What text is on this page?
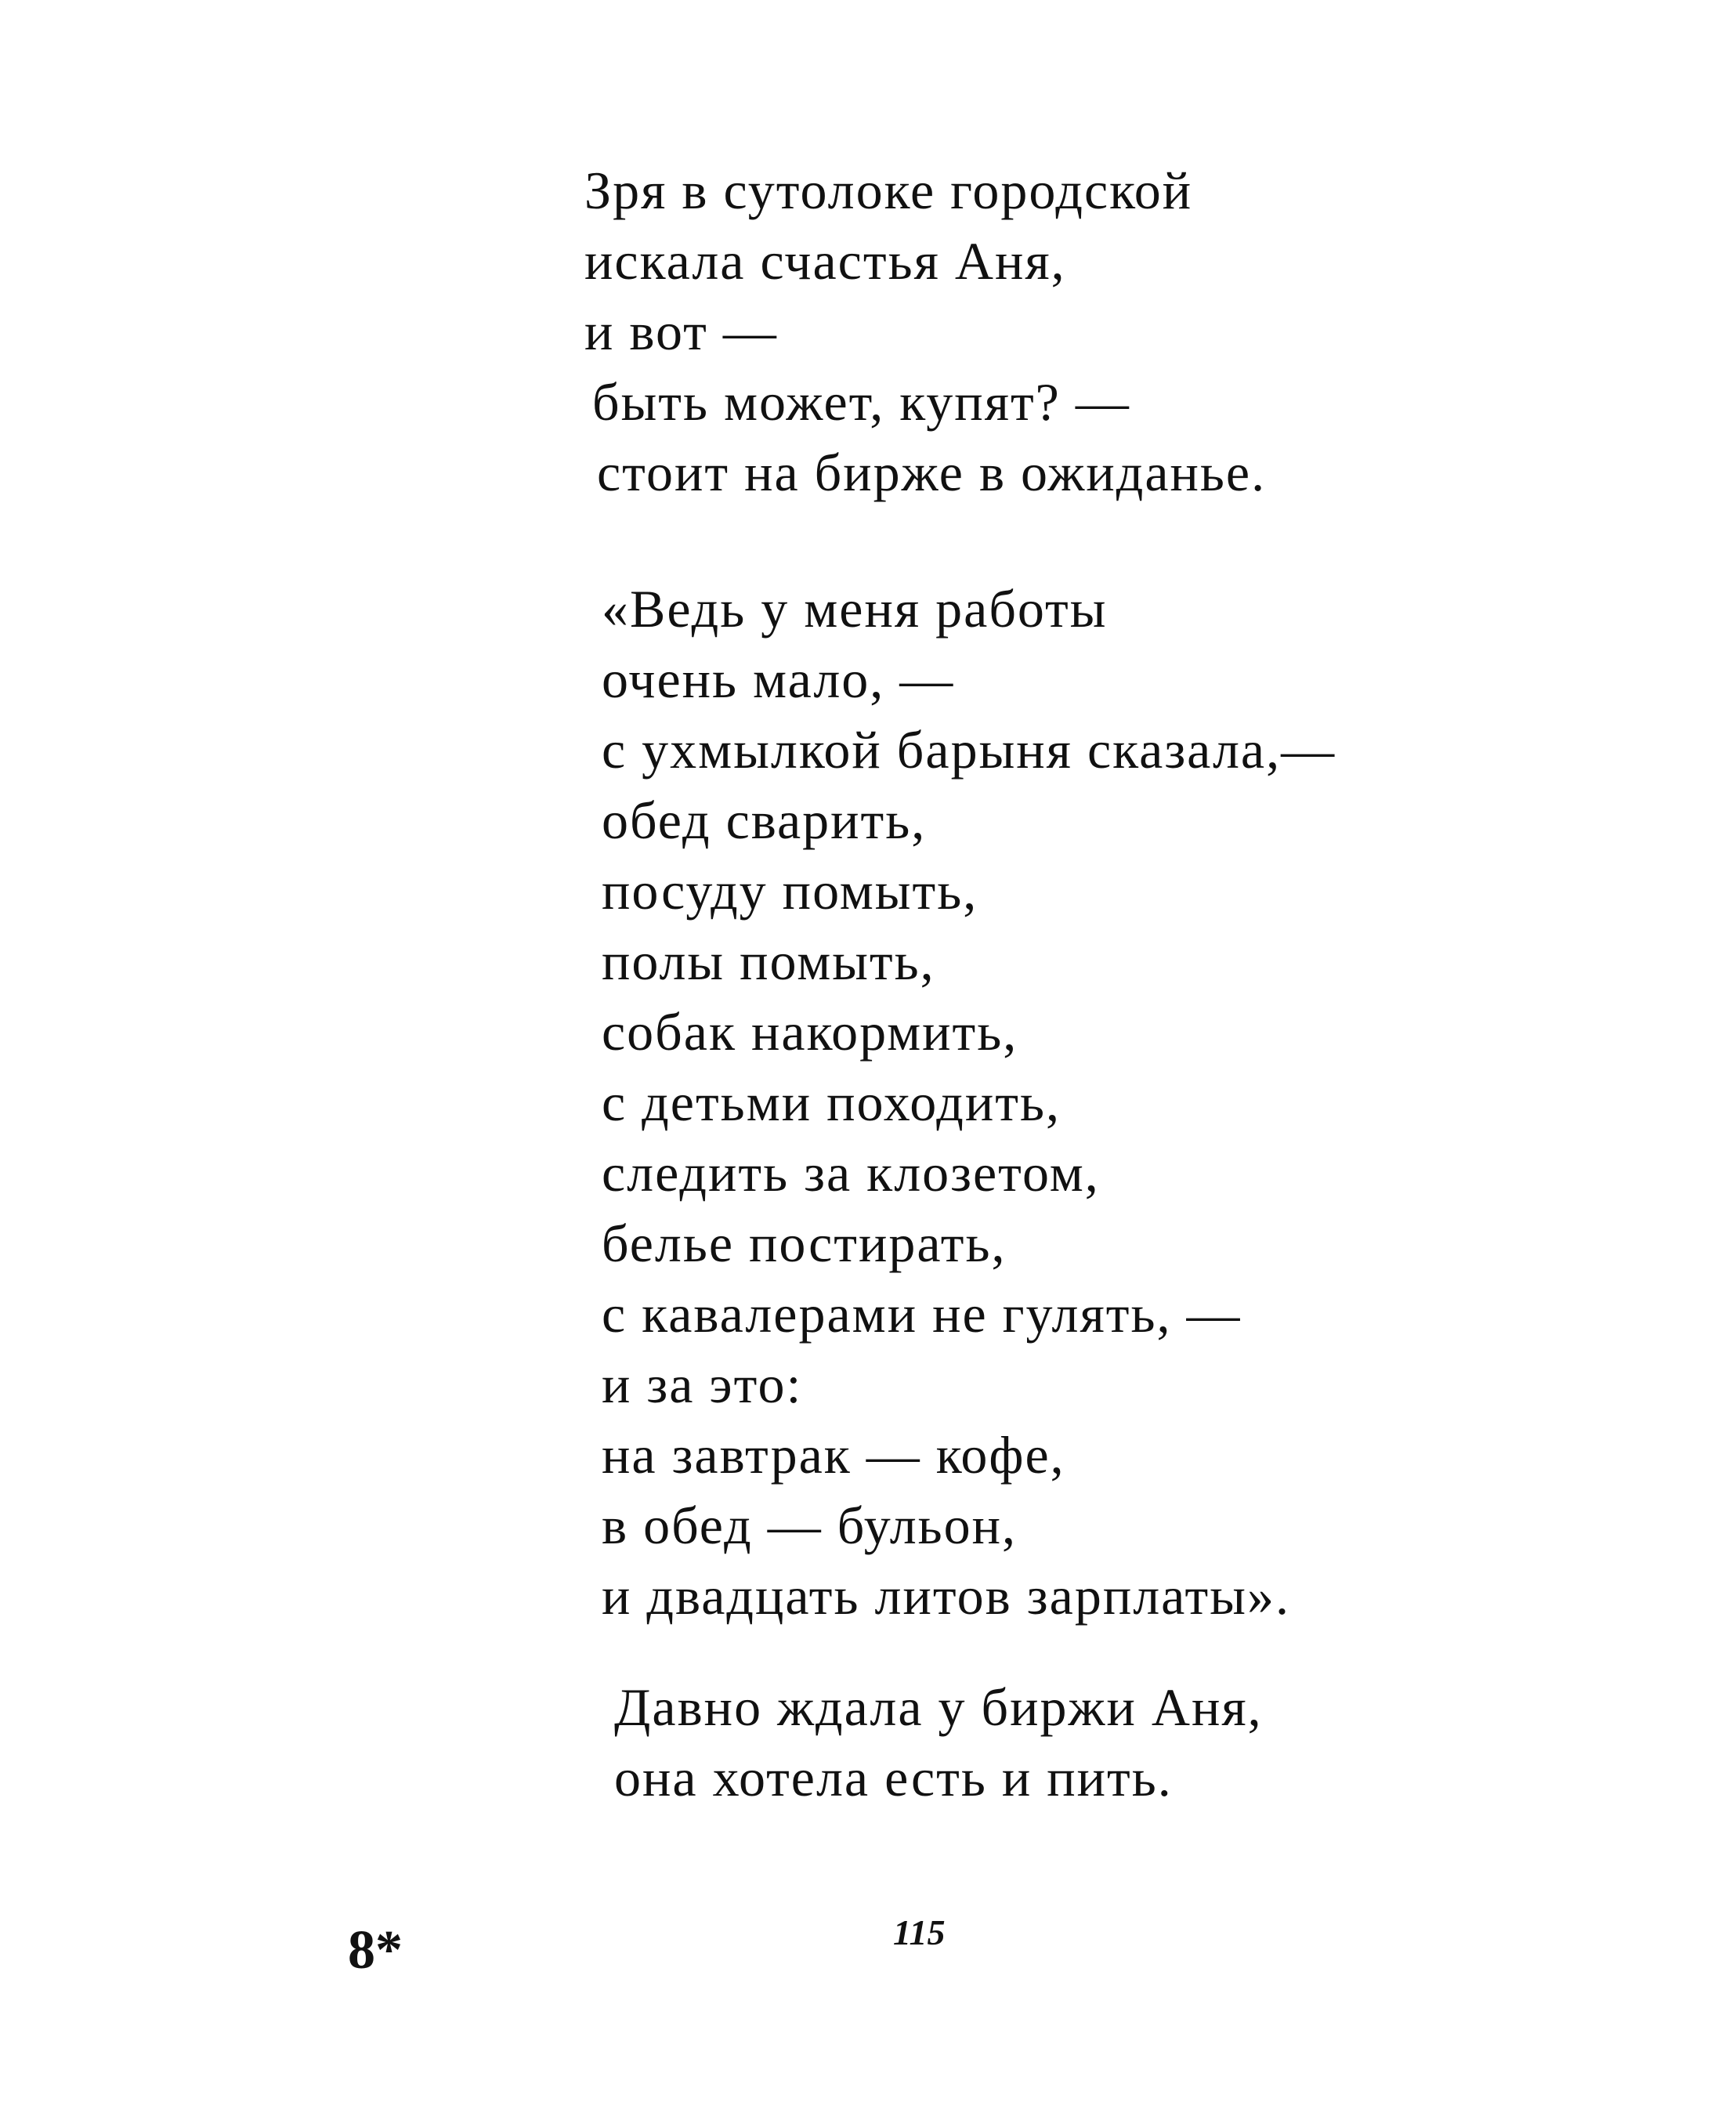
Зря в сутолоке городской
искала счастья Аня,
и вот —
быть может, купят? —
стоит на бирже в ожиданье.
«Ведь у меня работы
очень мало, —
с ухмылкой барыня сказала,—
обед сварить,
посуду помыть,
полы помыть,
собак накормить,
с детьми походить,
следить за клозетом,
белье постирать,
с кавалерами не гулять, —
и за это:
на завтрак — кофе,
в обед — бульон,
и двадцать литов зарплаты».
Давно ждала у биржи Аня,
она хотела есть и пить.
8*	115
